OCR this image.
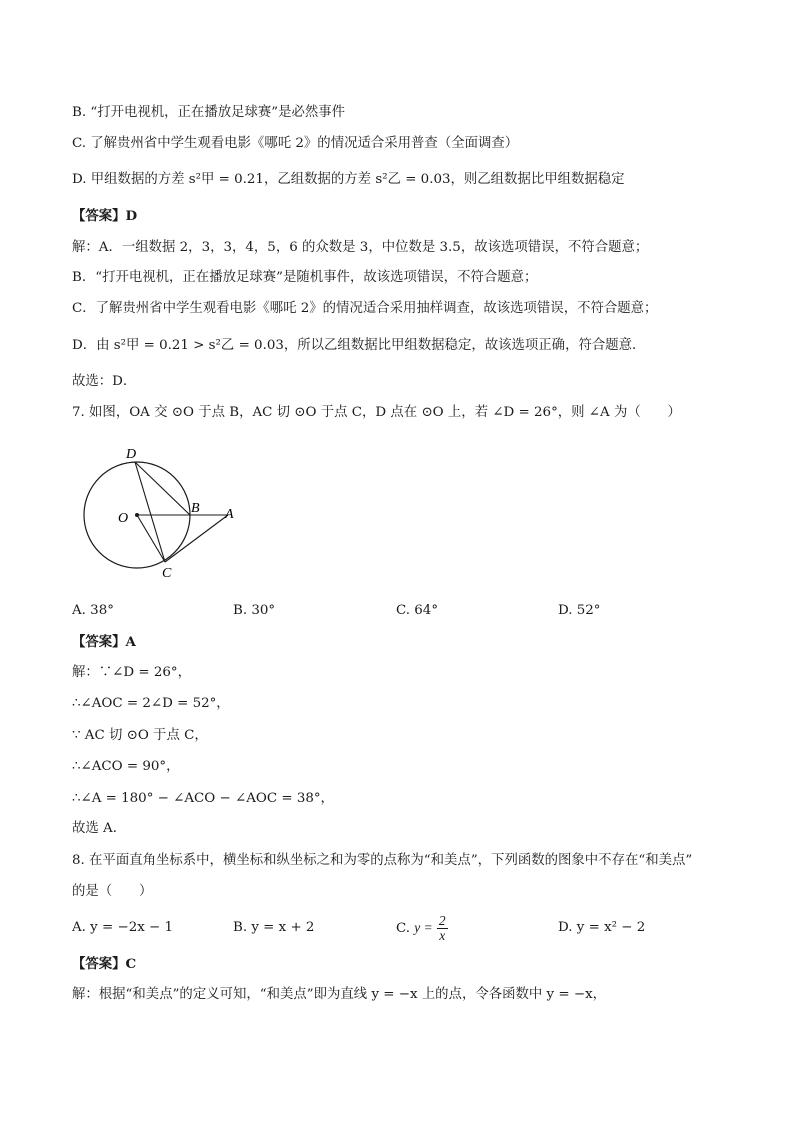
B. “打开电视机，正在播放足球赛”是必然事件
C. 了解贵州省中学生观看电影《哪吒 2》的情况适合采用普查（全面调查）
D. 甲组数据的方差 s²甲 = 0.21，乙组数据的方差 s²乙 = 0.03，则乙组数据比甲组数据稳定
【答案】D
解：A．一组数据 2，3，3，4，5，6 的众数是 3，中位数是 3.5，故该选项错误，不符合题意；
B．“打开电视机，正在播放足球赛”是随机事件，故该选项错误，不符合题意；
C．了解贵州省中学生观看电影《哪吒 2》的情况适合采用抽样调查，故该选项错误，不符合题意；
D．由 s²甲 = 0.21 > s²乙 = 0.03，所以乙组数据比甲组数据稳定，故该选项正确，符合题意．
故选：D．
7. 如图，OA 交 ⊙O 于点 B，AC 切 ⊙O 于点 C，D 点在 ⊙O 上，若 ∠D = 26°，则 ∠A 为（　　）
D
O
B A
C
A. 38°	B. 30°	C. 64°	D. 52°
【答案】A
解：∵∠D = 26°，
∴∠AOC = 2∠D = 52°，
∵ AC 切 ⊙O 于点 C，
∴∠ACO = 90°，
∴∠A = 180° − ∠ACO − ∠AOC = 38°，
故选 A．
8. 在平面直角坐标系中，横坐标和纵坐标之和为零的点称为“和美点”，下列函数的图象中不存在“和美点”
的是（　　）
A. y = −2x − 1	B. y = x + 2	C. $y = \frac{2}{x}$	D. y = x² − 2
【答案】C
解：根据“和美点”的定义可知，“和美点”即为直线 y = −x 上的点，令各函数中 y = −x，
